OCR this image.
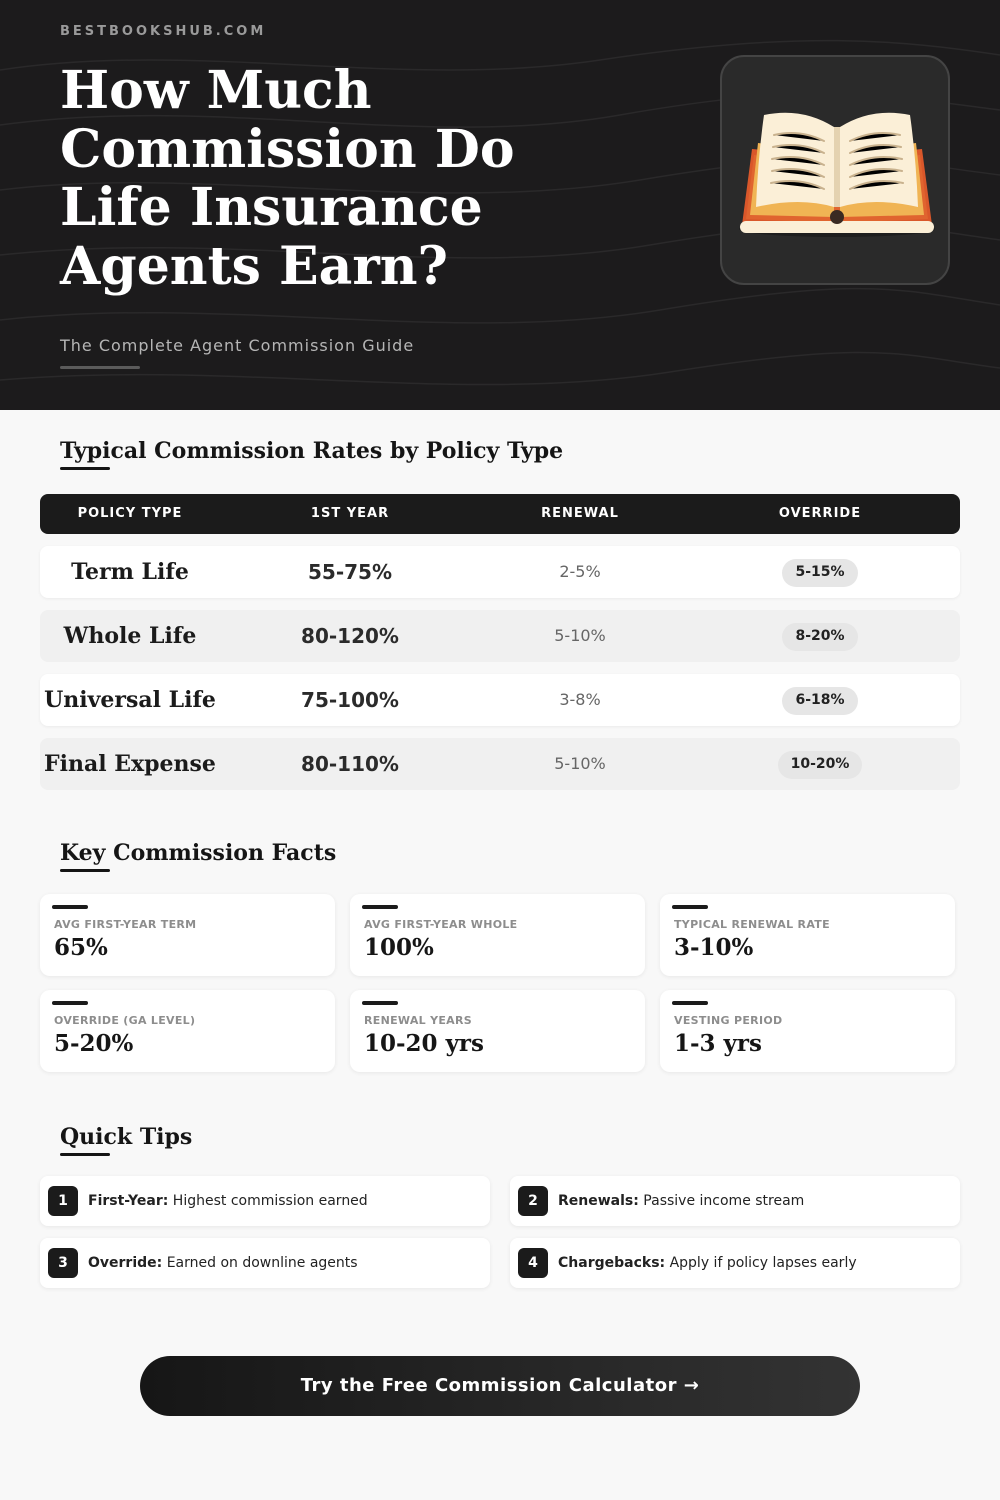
BESTBOOKSHUB.COM
How Much Commission Do Life Insurance Agents Earn?
The Complete Agent Commission Guide
Typical Commission Rates by Policy Type
POLICY TYPE	1ST YEAR	RENEWAL	OVERRIDE
Term Life	55-75%	2-5%	5-15%
Whole Life	80-120%	5-10%	8-20%
Universal Life	75-100%	3-8%	6-18%
Final Expense	80-110%	5-10%	10-20%
Key Commission Facts
AVG FIRST-YEAR TERM
65%
AVG FIRST-YEAR WHOLE
100%
TYPICAL RENEWAL RATE
3-10%
OVERRIDE (GA LEVEL)
5-20%
RENEWAL YEARS
10-20 yrs
VESTING PERIOD
1-3 yrs
Quick Tips
1	First-Year: Highest commission earned	2	Renewals: Passive income stream
3	Override: Earned on downline agents	4	Chargebacks: Apply if policy lapses early
Try the Free Commission Calculator →
